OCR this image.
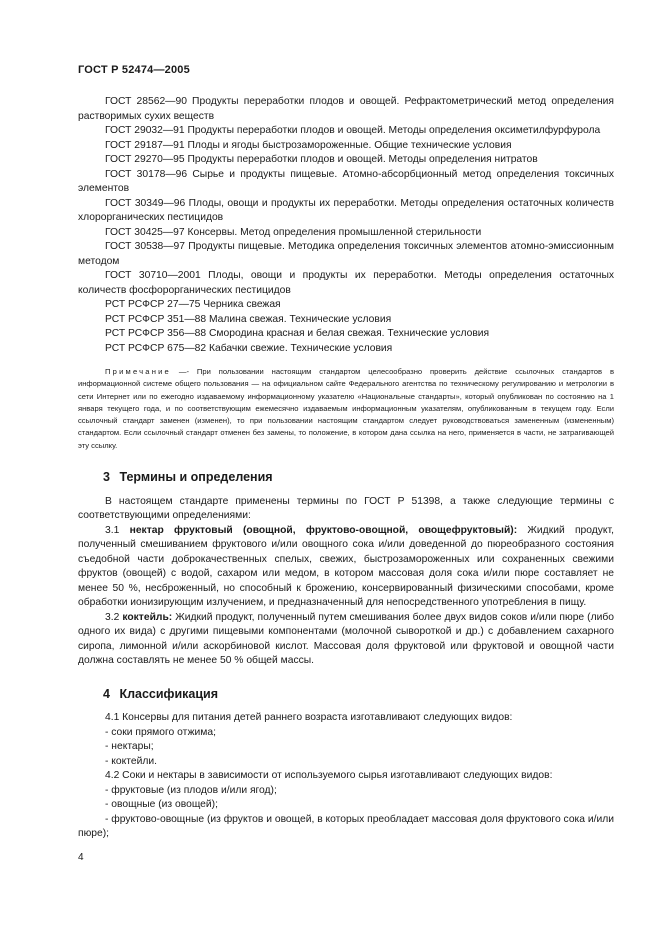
ГОСТ Р 52474—2005

ГОСТ 28562—90 Продукты переработки плодов и овощей. Рефрактометрический метод определения растворимых сухих веществ

ГОСТ 29032—91 Продукты переработки плодов и овощей. Методы определения оксиметилфурфурола

ГОСТ 29187—91 Плоды и ягоды быстрозамороженные. Общие технические условия

ГОСТ 29270—95 Продукты переработки плодов и овощей. Методы определения нитратов

ГОСТ 30178—96 Сырье и продукты пищевые. Атомно-абсорбционный метод определения токсичных элементов

ГОСТ 30349—96 Плоды, овощи и продукты их переработки. Методы определения остаточных количеств хлорорганических пестицидов

ГОСТ 30425—97 Консервы. Метод определения промышленной стерильности

ГОСТ 30538—97 Продукты пищевые. Методика определения токсичных элементов атомно-эмиссионным методом

ГОСТ 30710—2001 Плоды, овощи и продукты их переработки. Методы определения остаточных количеств фосфорорганических пестицидов

РСТ РСФСР 27—75 Черника свежая

РСТ РСФСР 351—88 Малина свежая. Технические условия

РСТ РСФСР 356—88 Смородина красная и белая свежая. Технические условия

РСТ РСФСР 675—82 Кабачки свежие. Технические условия

Примечание —- При пользовании настоящим стандартом целесообразно проверить действие ссылочных стандартов в информационной системе общего пользования — на официальном сайте Федерального агентства по техническому регулированию и метрологии в сети Интернет или по ежегодно издаваемому информационному указателю «Национальные стандарты», который опубликован по состоянию на 1 января текущего года, и по соответствующим ежемесячно издаваемым информационным указателям, опубликованным в текущем году. Если ссылочный стандарт заменен (изменен), то при пользовании настоящим стандартом следует руководствоваться замененным (измененным) стандартом. Если ссылочный стандарт отменен без замены, то положение, в котором дана ссылка на него, применяется в части, не затрагивающей эту ссылку.

3 Термины и определения

В настоящем стандарте применены термины по ГОСТ Р 51398, а также следующие термины с соответствующими определениями:

3.1 нектар фруктовый (овощной, фруктово-овощной, овощефруктовый): Жидкий продукт, полученный смешиванием фруктового и/или овощного сока и/или доведенной до пюреобразного состояния съедобной части доброкачественных спелых, свежих, быстрозамороженных или сохраненных свежими фруктов (овощей) с водой, сахаром или медом, в котором массовая доля сока и/или пюре составляет не менее 50 %, несброженный, но способный к брожению, консервированный физическими способами, кроме обработки ионизирующим излучением, и предназначенный для непосредственного употребления в пищу.

3.2 коктейль: Жидкий продукт, полученный путем смешивания более двух видов соков и/или пюре (либо одного их вида) с другими пищевыми компонентами (молочной сывороткой и др.) с добавлением сахарного сиропа, лимонной и/или аскорбиновой кислот. Массовая доля фруктовой или фруктовой и овощной части должна составлять не менее 50 % общей массы.

4 Классификация

4.1 Консервы для питания детей раннего возраста изготавливают следующих видов:

- соки прямого отжима;

- нектары;

- коктейли.

4.2 Соки и нектары в зависимости от используемого сырья изготавливают следующих видов:

- фруктовые (из плодов и/или ягод);

- овощные (из овощей);

- фруктово-овощные (из фруктов и овощей, в которых преобладает массовая доля фруктового сока и/или пюре);

4
